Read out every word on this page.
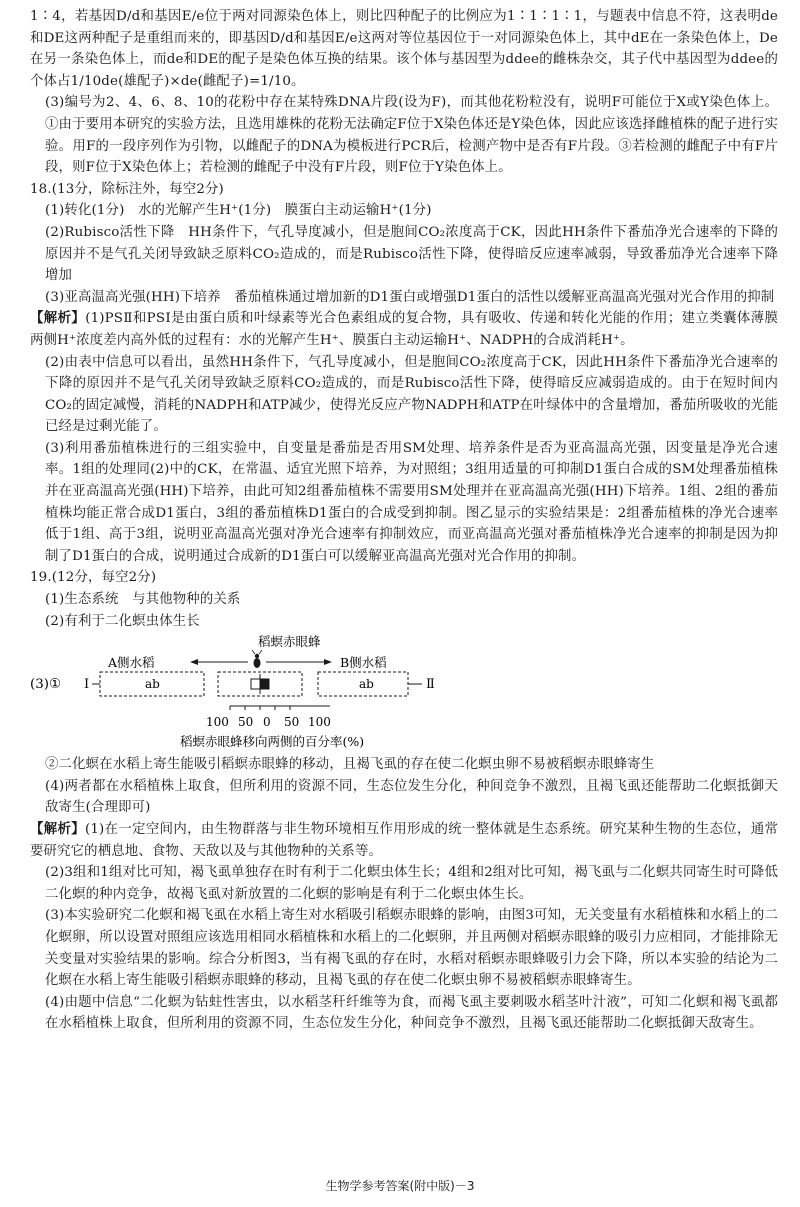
1∶4，若基因D/d和基因E/e位于两对同源染色体上，则比四种配子的比例应为1∶1∶1∶1，与题表中信息不符，这表明de和DE这两种配子是重组而来的，即基因D/d和基因E/e这两对等位基因位于一对同源染色体上，其中dE在一条染色体上，De在另一条染色体上，而de和DE的配子是染色体互换的结果。该个体与基因型为ddee的雌株杂交，其子代中基因型为ddee的个体占1/10de(雄配子)×de(雌配子)=1/10。

(3)编号为2、4、6、8、10的花粉中存在某特殊DNA片段(设为F)，而其他花粉粒没有，说明F可能位于X或Y染色体上。①由于要用本研究的实验方法，且选用雄株的花粉无法确定F位于X染色体还是Y染色体，因此应该选择雌植株的配子进行实验。用F的一段序列作为引物，以雌配子的DNA为模板进行PCR后，检测产物中是否有F片段。③若检测的雌配子中有F片段，则F位于X染色体上；若检测的雌配子中没有F片段，则F位于Y染色体上。

18.(13分，除标注外，每空2分)

(1)转化(1分)　水的光解产生H⁺(1分)　膜蛋白主动运输H⁺(1分)

(2)Rubisco活性下降　HH条件下，气孔导度减小，但是胞间CO₂浓度高于CK，因此HH条件下番茄净光合速率的下降的原因并不是气孔关闭导致缺乏原料CO₂造成的，而是Rubisco活性下降，使得暗反应速率减弱，导致番茄净光合速率下降　增加

(3)亚高温高光强(HH)下培养　番茄植株通过增加新的D1蛋白或增强D1蛋白的活性以缓解亚高温高光强对光合作用的抑制

【解析】(1)PSⅡ和PSⅠ是由蛋白质和叶绿素等光合色素组成的复合物，具有吸收、传递和转化光能的作用；建立类囊体薄膜两侧H⁺浓度差内高外低的过程有：水的光解产生H⁺、膜蛋白主动运输H⁺、NADPH的合成消耗H⁺。

(2)由表中信息可以看出，虽然HH条件下，气孔导度减小，但是胞间CO₂浓度高于CK，因此HH条件下番茄净光合速率的下降的原因并不是气孔关闭导致缺乏原料CO₂造成的，而是Rubisco活性下降，使得暗反应减弱造成的。由于在短时间内CO₂的固定减慢，消耗的NADPH和ATP减少，使得光反应产物NADPH和ATP在叶绿体中的含量增加，番茄所吸收的光能已经是过剩光能了。

(3)利用番茄植株进行的三组实验中，自变量是番茄是否用SM处理、培养条件是否为亚高温高光强，因变量是净光合速率。1组的处理同(2)中的CK，在常温、适宜光照下培养，为对照组；3组用适量的可抑制D1蛋白合成的SM处理番茄植株并在亚高温高光强(HH)下培养，由此可知2组番茄植株不需要用SM处理并在亚高温高光强(HH)下培养。1组、2组的番茄植株均能正常合成D1蛋白，3组的番茄植株D1蛋白的合成受到抑制。图乙显示的实验结果是：2组番茄植株的净光合速率低于1组、高于3组，说明亚高温高光强对净光合速率有抑制效应，而亚高温高光强对番茄植株净光合速率的抑制是因为抑制了D1蛋白的合成，说明通过合成新的D1蛋白可以缓解亚高温高光强对光合作用的抑制。

19.(12分，每空2分)

(1)生态系统　与其他物种的关系

(2)有利于二化螟虫体生长

(3)①
稻螟赤眼蜂
A侧水稻	B侧水稻
Ⅰ	Ⅱ
ab	ab
100 50 0 50 100
稻螟赤眼蜂移向两侧的百分率(%)

②二化螟在水稻上寄生能吸引稻螟赤眼蜂的移动，且褐飞虱的存在使二化螟虫卵不易被稻螟赤眼蜂寄生

(4)两者都在水稻植株上取食，但所利用的资源不同，生态位发生分化，种间竞争不激烈，且褐飞虱还能帮助二化螟抵御天敌寄生(合理即可)

【解析】(1)在一定空间内，由生物群落与非生物环境相互作用形成的统一整体就是生态系统。研究某种生物的生态位，通常要研究它的栖息地、食物、天敌以及与其他物种的关系等。

(2)3组和1组对比可知，褐飞虱单独存在时有利于二化螟虫体生长；4组和2组对比可知，褐飞虱与二化螟共同寄生时可降低二化螟的种内竞争，故褐飞虱对新放置的二化螟的影响是有利于二化螟虫体生长。

(3)本实验研究二化螟和褐飞虱在水稻上寄生对水稻吸引稻螟赤眼蜂的影响，由图3可知，无关变量有水稻植株和水稻上的二化螟卵，所以设置对照组应该选用相同水稻植株和水稻上的二化螟卵，并且两侧对稻螟赤眼蜂的吸引力应相同，才能排除无关变量对实验结果的影响。综合分析图3，当有褐飞虱的存在时，水稻对稻螟赤眼蜂吸引力会下降，所以本实验的结论为二化螟在水稻上寄生能吸引稻螟赤眼蜂的移动，且褐飞虱的存在使二化螟虫卵不易被稻螟赤眼蜂寄生。

(4)由题中信息“二化螟为钻蛀性害虫，以水稻茎秆纤维等为食，而褐飞虱主要刺吸水稻茎叶汁液”，可知二化螟和褐飞虱都在水稻植株上取食，但所利用的资源不同，生态位发生分化，种间竞争不激烈，且褐飞虱还能帮助二化螟抵御天敌寄生。

生物学参考答案(附中版)－3
